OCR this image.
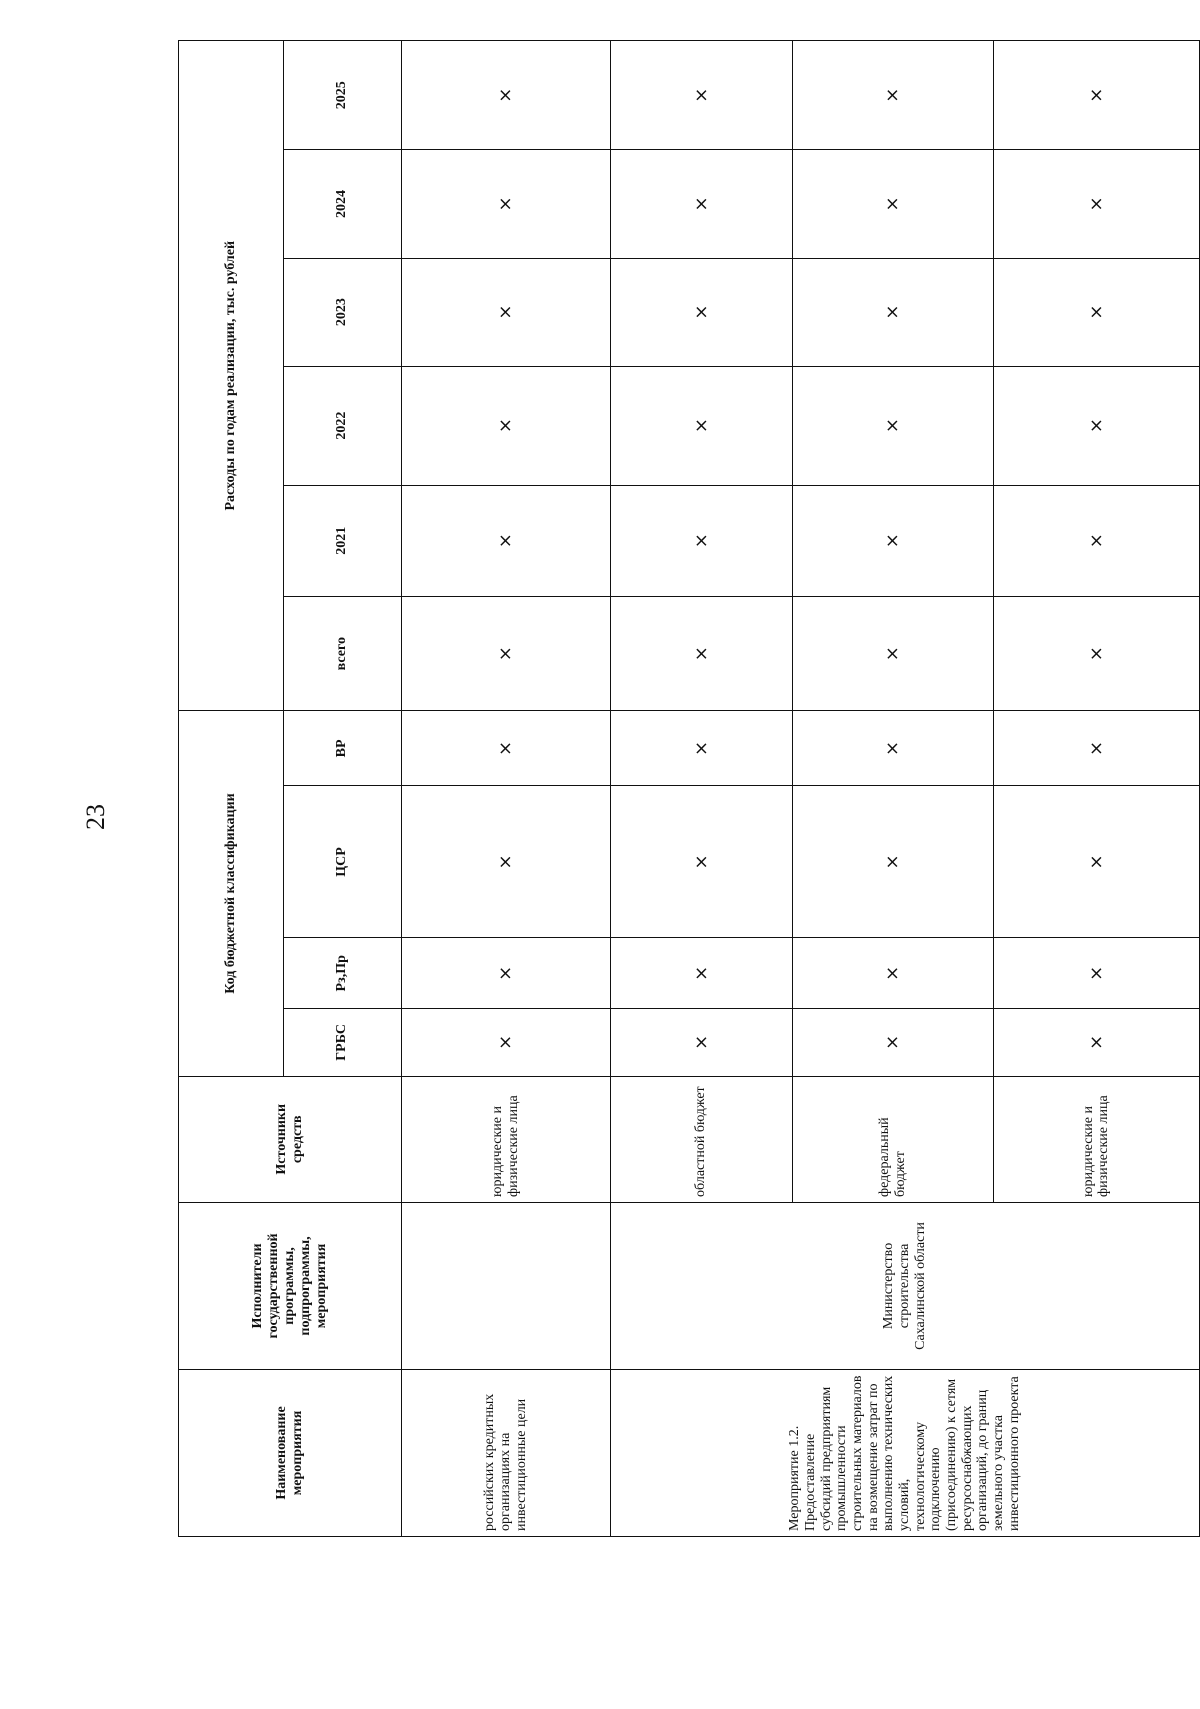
23
Наименование мероприятия	Исполнители государственной программы, подпрограммы, мероприятия	Источники средств	Код бюджетной классификации				Расходы по годам реализации, тыс. рублей					
			ГРБС	Рз,Пр	ЦСР	ВР	всего	2021	2022	2023	2024	2025
российских кредитных организациях на инвестиционные цели		юридические и физические лица	×	×	×	×	×	×	×	×	×	×
Мероприятие 1.2. Предоставление субсидий предприятиям промышленности строительных материалов на возмещение затрат по выполнению технических условий, технологическому подключению (присоединению) к сетям ресурсоснабжающих организаций, до границ земельного участка инвестиционного проекта	Министерство строительства Сахалинской области	областной бюджет	×	×	×	×	×	×	×	×	×	×
		федеральный бюджет	×	×	×	×	×	×	×	×	×	×
		юридические и физические лица	×	×	×	×	×	×	×	×	×	×
